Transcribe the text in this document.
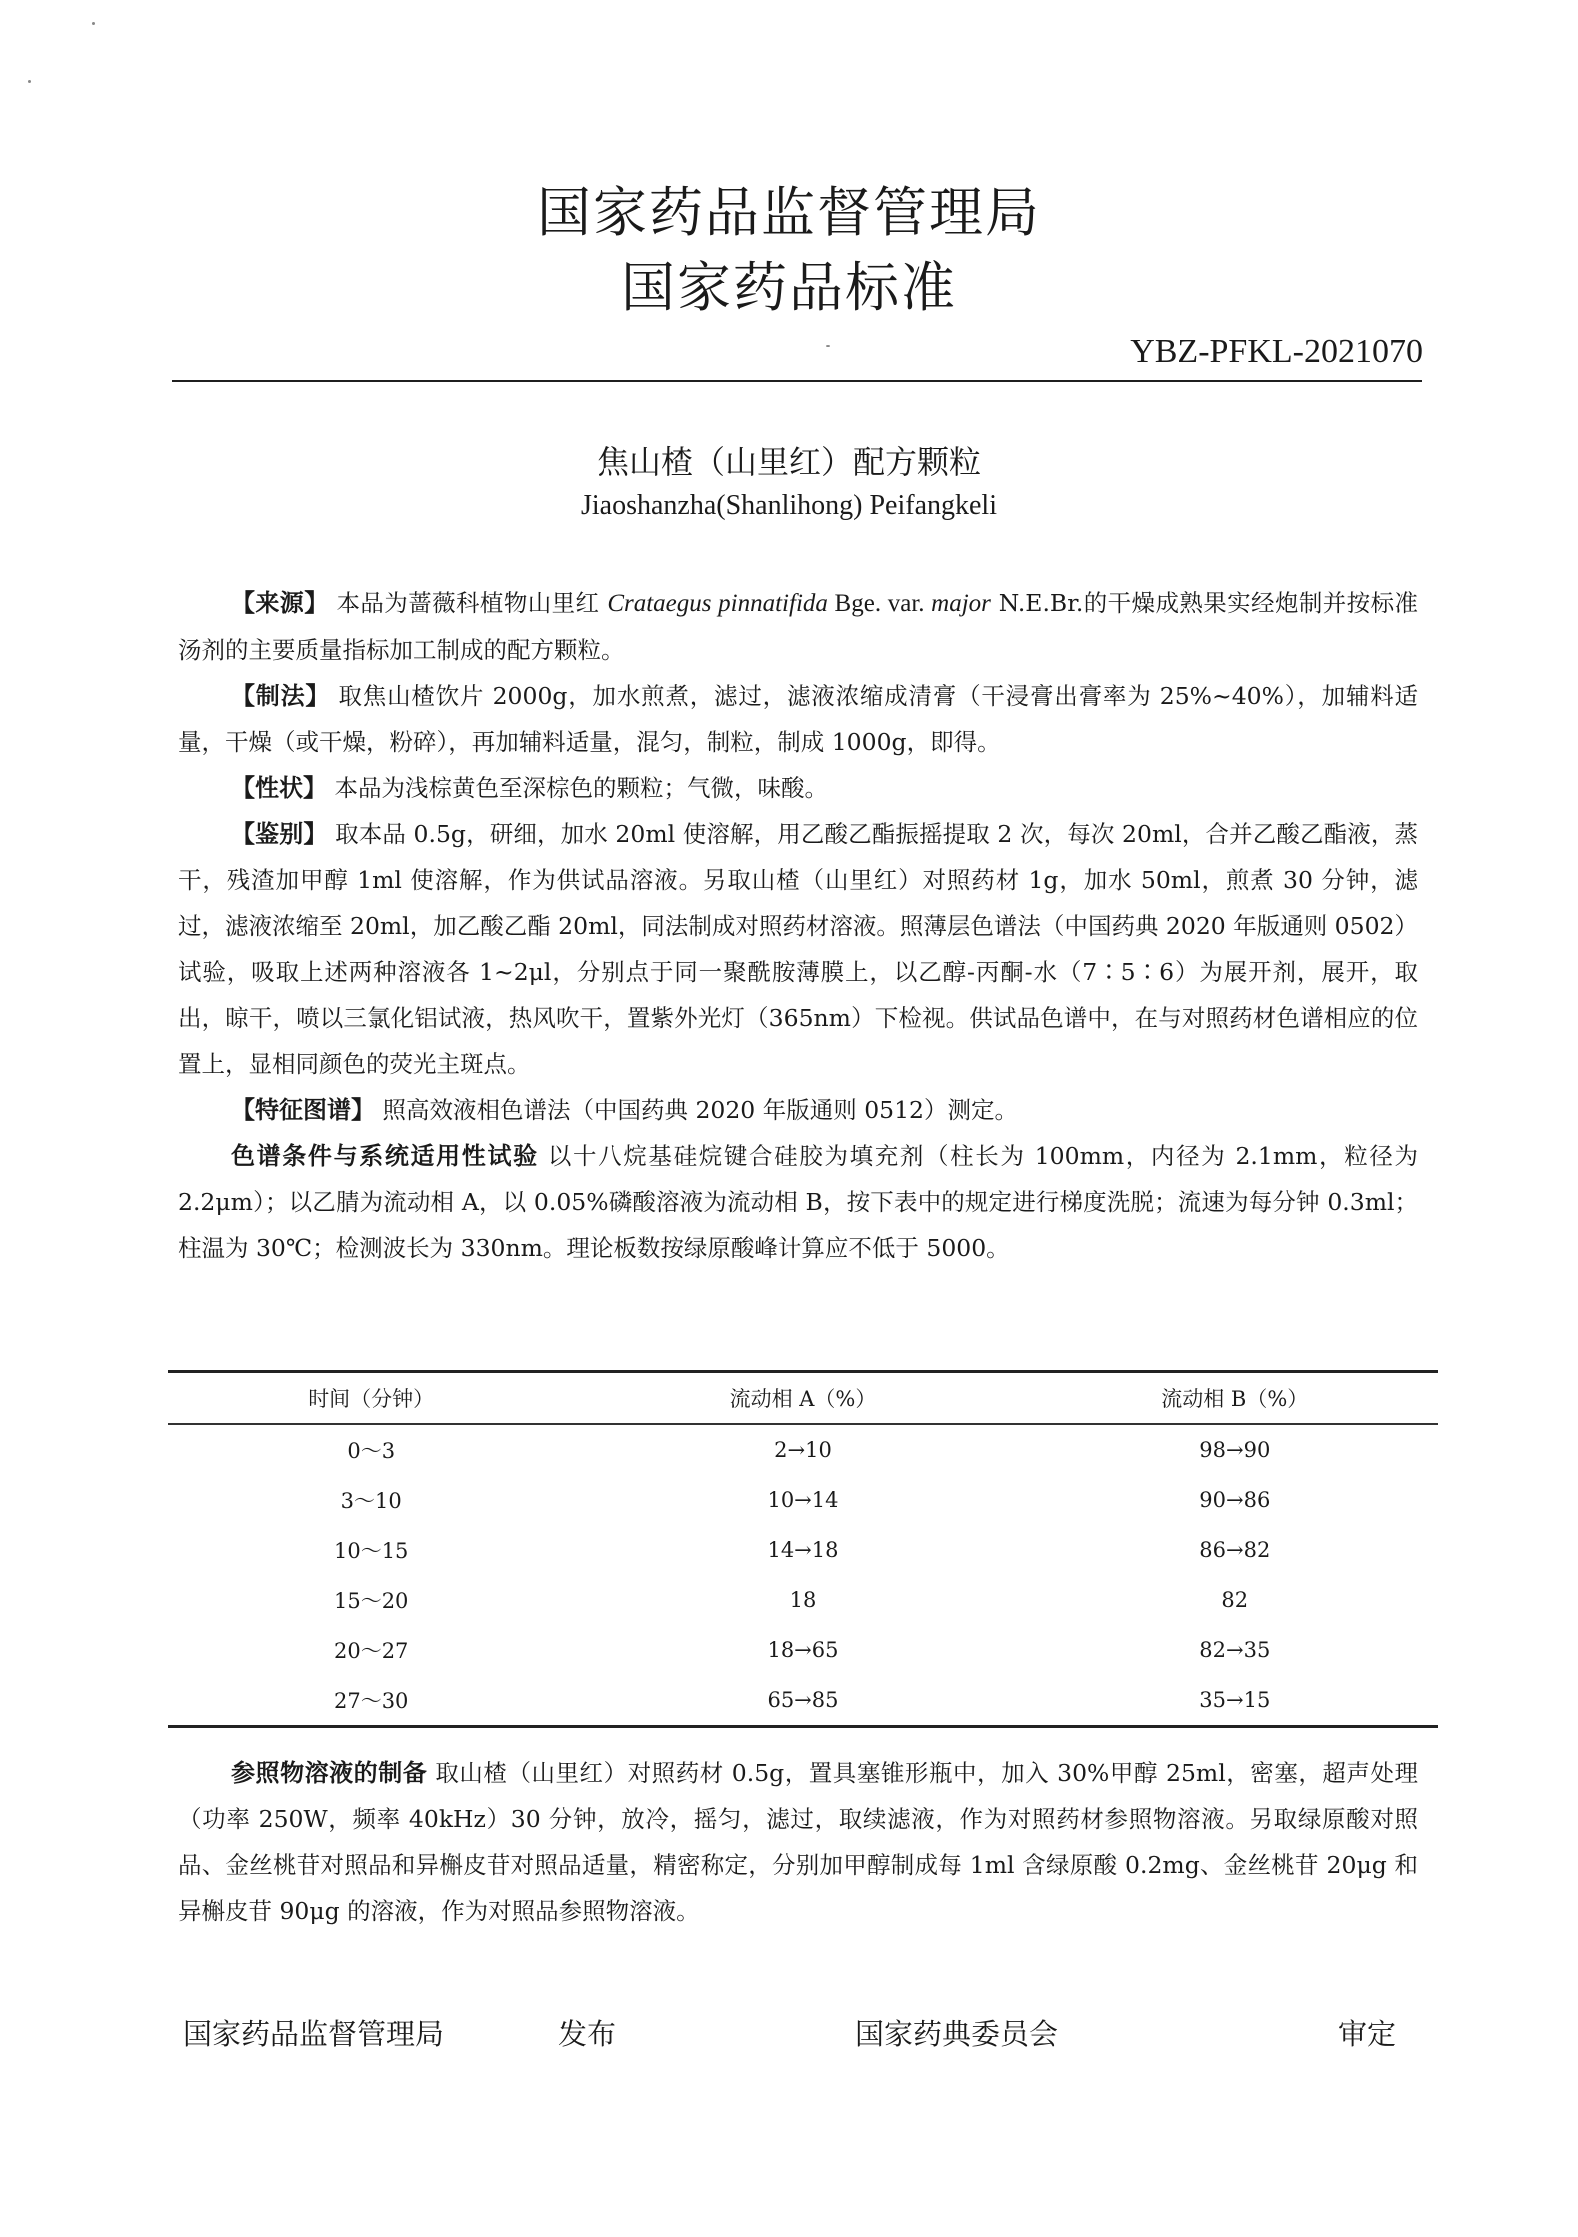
国家药品监督管理局
国家药品标准
YBZ-PFKL-2021070
焦山楂（山里红）配方颗粒
Jiaoshanzha(Shanlihong) Peifangkeli

【来源】 本品为蔷薇科植物山里红 Crataegus pinnatifida Bge. var. major N.E.Br.的干燥成熟果实经炮制并按标准汤剂的主要质量指标加工制成的配方颗粒。

【制法】 取焦山楂饮片 2000g，加水煎煮，滤过，滤液浓缩成清膏（干浸膏出膏率为 25%~40%），加辅料适量，干燥（或干燥，粉碎），再加辅料适量，混匀，制粒，制成 1000g，即得。

【性状】 本品为浅棕黄色至深棕色的颗粒；气微，味酸。

【鉴别】 取本品 0.5g，研细，加水 20ml 使溶解，用乙酸乙酯振摇提取 2 次，每次 20ml，合并乙酸乙酯液，蒸干，残渣加甲醇 1ml 使溶解，作为供试品溶液。另取山楂（山里红）对照药材 1g，加水 50ml，煎煮 30 分钟，滤过，滤液浓缩至 20ml，加乙酸乙酯 20ml，同法制成对照药材溶液。照薄层色谱法（中国药典 2020 年版通则 0502）试验，吸取上述两种溶液各 1~2μl，分别点于同一聚酰胺薄膜上，以乙醇-丙酮-水（7∶5∶6）为展开剂，展开，取出，晾干，喷以三氯化铝试液，热风吹干，置紫外光灯（365nm）下检视。供试品色谱中，在与对照药材色谱相应的位置上，显相同颜色的荧光主斑点。

【特征图谱】 照高效液相色谱法（中国药典 2020 年版通则 0512）测定。

色谱条件与系统适用性试验 以十八烷基硅烷键合硅胶为填充剂（柱长为 100mm，内径为 2.1mm，粒径为 2.2μm）；以乙腈为流动相 A，以 0.05%磷酸溶液为流动相 B，按下表中的规定进行梯度洗脱；流速为每分钟 0.3ml；柱温为 30℃；检测波长为 330nm。理论板数按绿原酸峰计算应不低于 5000。

时间（分钟）	流动相 A（%）	流动相 B（%）
0～3	2→10	98→90
3～10	10→14	90→86
10～15	14→18	86→82
15～20	18	82
20～27	18→65	82→35
27～30	65→85	35→15

参照物溶液的制备 取山楂（山里红）对照药材 0.5g，置具塞锥形瓶中，加入 30%甲醇 25ml，密塞，超声处理（功率 250W，频率 40kHz）30 分钟，放冷，摇匀，滤过，取续滤液，作为对照药材参照物溶液。另取绿原酸对照品、金丝桃苷对照品和异槲皮苷对照品适量，精密称定，分别加甲醇制成每 1ml 含绿原酸 0.2mg、金丝桃苷 20μg 和异槲皮苷 90μg 的溶液，作为对照品参照物溶液。

国家药品监督管理局	发布	国家药典委员会	审定
